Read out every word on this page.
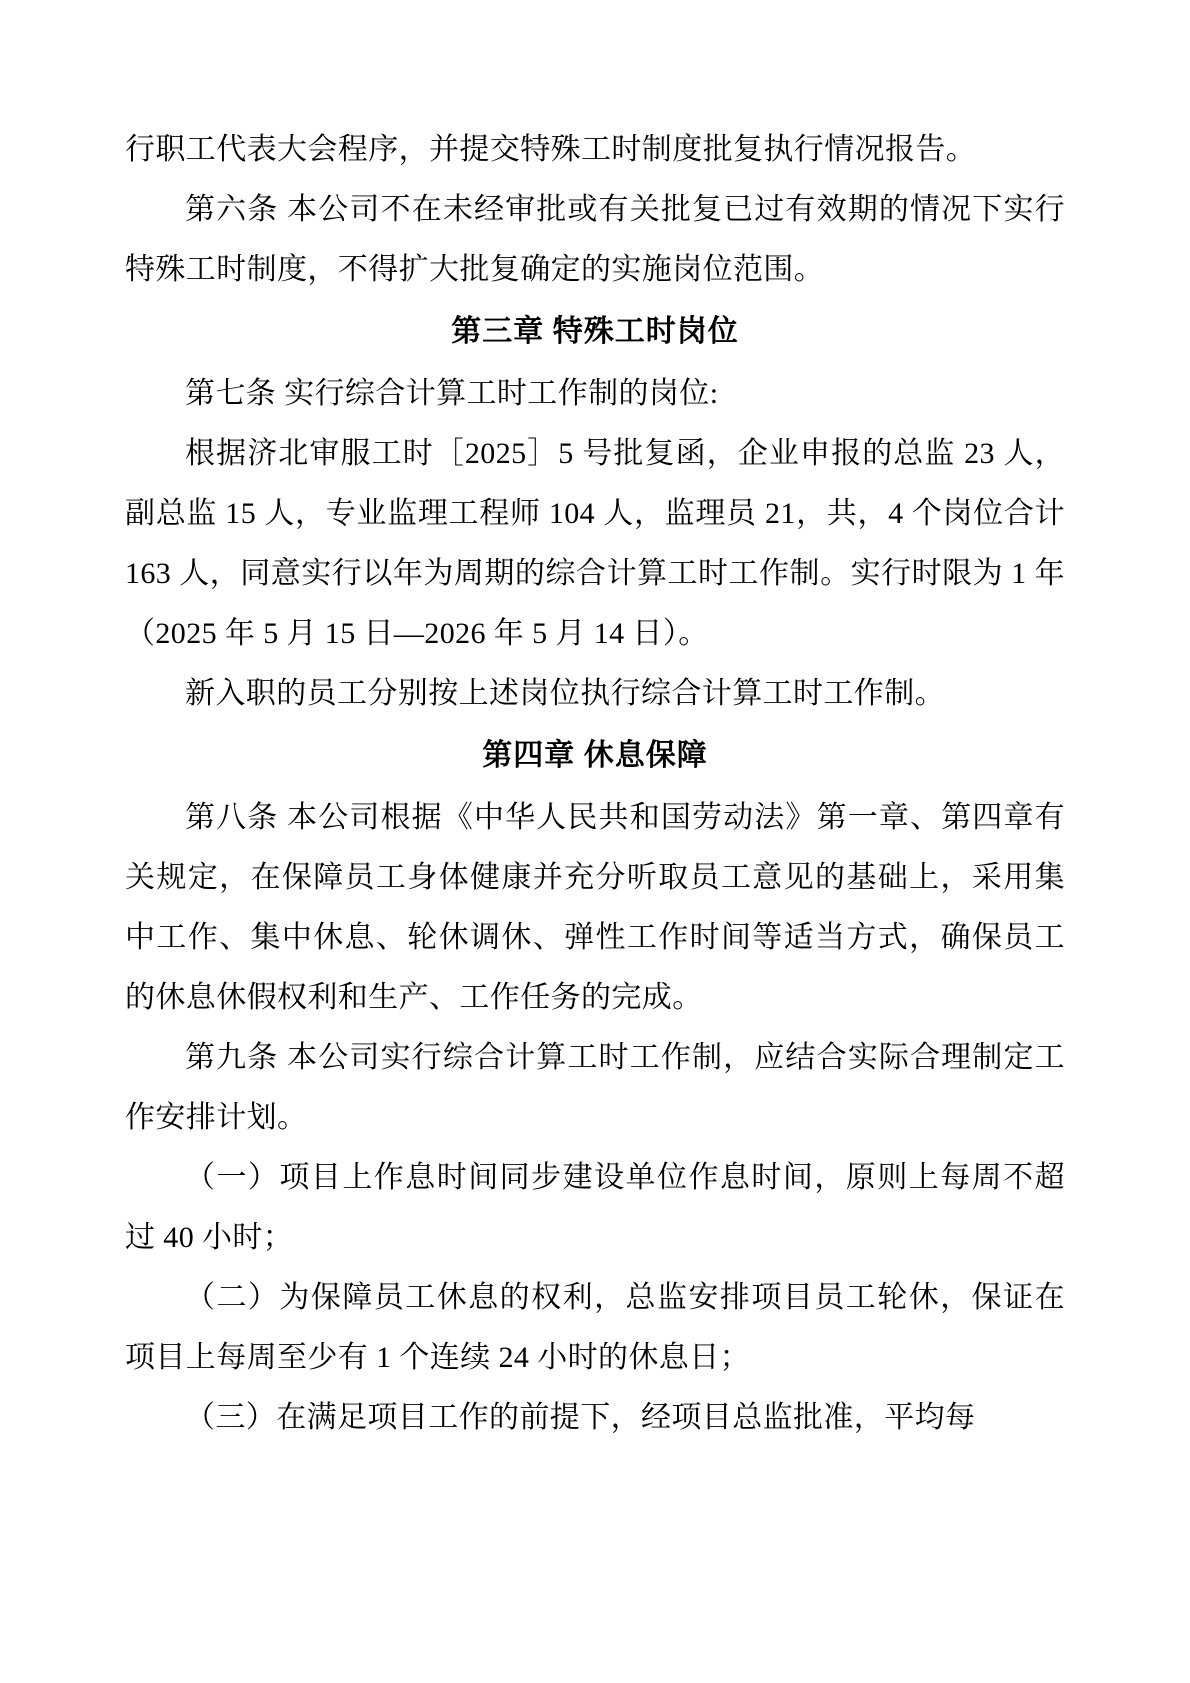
行职工代表大会程序，并提交特殊工时制度批复执行情况报告。

第六条 本公司不在未经审批或有关批复已过有效期的情况下实行特殊工时制度，不得扩大批复确定的实施岗位范围。

第三章 特殊工时岗位

第七条 实行综合计算工时工作制的岗位:

根据济北审服工时［2025］5 号批复函，企业申报的总监 23 人，副总监 15 人，专业监理工程师 104 人，监理员 21，共，4 个岗位合计 163 人，同意实行以年为周期的综合计算工时工作制。实行时限为 1 年（2025 年 5 月 15 日—2026 年 5 月 14 日）。

新入职的员工分别按上述岗位执行综合计算工时工作制。

第四章 休息保障

第八条 本公司根据《中华人民共和国劳动法》第一章、第四章有关规定，在保障员工身体健康并充分听取员工意见的基础上，采用集中工作、集中休息、轮休调休、弹性工作时间等适当方式，确保员工的休息休假权利和生产、工作任务的完成。

第九条 本公司实行综合计算工时工作制，应结合实际合理制定工作安排计划。

（一）项目上作息时间同步建设单位作息时间，原则上每周不超过 40 小时；

（二）为保障员工休息的权利，总监安排项目员工轮休，保证在项目上每周至少有 1 个连续 24 小时的休息日；

（三）在满足项目工作的前提下，经项目总监批准，平均每
